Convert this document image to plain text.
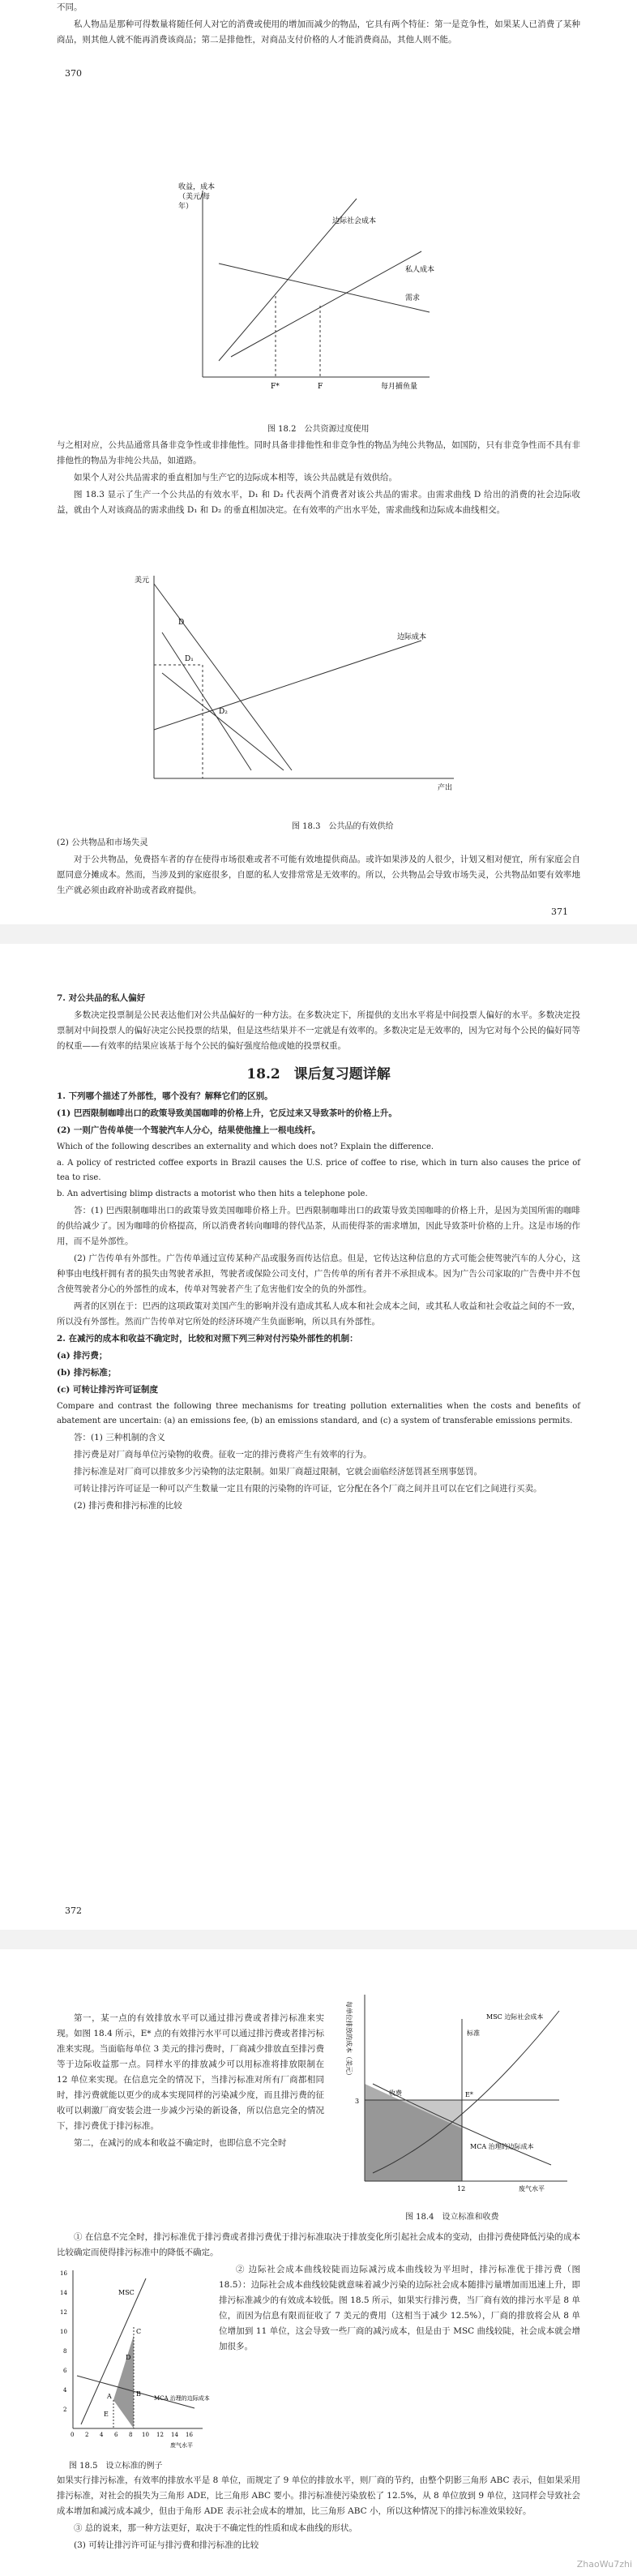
不同。

私人物品是那种可得数量将随任何人对它的消费或使用的增加而减少的物品，它具有两个特征：第一是竞争性，如果某人已消费了某种商品，则其他人就不能再消费该商品；第二是排他性，对商品支付价格的人才能消费商品，其他人则不能。

370
收益，成本
（美元/每
年）
边际社会成本
私人成本
需求
F*	F	每月捕鱼量
图 18.2　公共资源过度使用

与之相对应，公共品通常具备非竞争性或非排他性。同时具备非排他性和非竞争性的物品为纯公共物品，如国防，只有非竞争性而不具有非排他性的物品为非纯公共品，如道路。

如果个人对公共品需求的垂直相加与生产它的边际成本相等，该公共品就是有效供给。

图 18.3 显示了生产一个公共品的有效水平，D₁ 和 D₂ 代表两个消费者对该公共品的需求。由需求曲线 D 给出的消费的社会边际收益，就由个人对该商品的需求曲线 D₁ 和 D₂ 的垂直相加决定。在有效率的产出水平处，需求曲线和边际成本曲线相交。

美元
边际成本
D
D₁
D₂
产出
图 18.3　公共品的有效供给

(2) 公共物品和市场失灵

对于公共物品，免费搭车者的存在使得市场很难或者不可能有效地提供商品。或许如果涉及的人很少，计划又相对便宜，所有家庭会自愿同意分摊成本。然而，当涉及到的家庭很多，自愿的私人安排常常是无效率的。所以，公共物品会导致市场失灵，公共物品如要有效率地生产就必须由政府补助或者政府提供。

371

7. 对公共品的私人偏好

多数决定投票制是公民表达他们对公共品偏好的一种方法。在多数决定下，所提供的支出水平将是中间投票人偏好的水平。多数决定投票制对中间投票人的偏好决定公民投票的结果，但是这些结果并不一定就是有效率的。多数决定是无效率的，因为它对每个公民的偏好同等的权重——有效率的结果应该基于每个公民的偏好强度给他或她的投票权重。

18.2　课后复习题详解

1. 下列哪个描述了外部性，哪个没有？解释它们的区别。

(1) 巴西限制咖啡出口的政策导致美国咖啡的价格上升，它反过来又导致茶叶的价格上升。

(2) 一则广告传单使一个驾驶汽车人分心，结果使他撞上一根电线杆。

Which of the following describes an externality and which does not? Explain the difference.

a. A policy of restricted coffee exports in Brazil causes the U.S. price of coffee to rise, which in turn also causes the price of tea to rise.

b. An advertising blimp distracts a motorist who then hits a telephone pole.

答：(1) 巴西限制咖啡出口的政策导致美国咖啡价格上升。巴西限制咖啡出口的政策导致美国咖啡的价格上升，是因为美国所需的咖啡的供给减少了。因为咖啡的价格提高，所以消费者转向咖啡的替代品茶，从而使得茶的需求增加，因此导致茶叶价格的上升。这是市场的作用，而不是外部性。

(2) 广告传单有外部性。广告传单通过宣传某种产品或服务而传达信息。但是，它传达这种信息的方式可能会使驾驶汽车的人分心，这种事由电线杆拥有者的损失由驾驶者承担，驾驶者或保险公司支付，广告传单的所有者并不承担成本。因为广告公司家取的广告费中并不包含使驾驶者分心的外部性的成本，传单对驾驶者产生了危害他们安全的负的外部性。

两者的区别在于：巴西的这项政策对美国产生的影响并没有造成其私人成本和社会成本之间，或其私人收益和社会收益之间的不一致，所以没有外部性。然而广告传单对它所处的经济环境产生负面影响，所以具有外部性。

2. 在减污的成本和收益不确定时，比较和对照下列三种对付污染外部性的机制：

(a) 排污费；

(b) 排污标准；

(c) 可转让排污许可证制度

Compare and contrast the following three mechanisms for treating pollution externalities when the costs and benefits of abatement are uncertain: (a) an emissions fee, (b) an emissions standard, and (c) a system of transferable emissions permits.

答：(1) 三种机制的含义

排污费是对厂商每单位污染物的收费。征收一定的排污费将产生有效率的行为。

排污标准是对厂商可以排放多少污染物的法定限制。如果厂商超过限制，它就会面临经济惩罚甚至刑事惩罚。

可转让排污许可证是一种可以产生数量一定且有限的污染物的许可证，它分配在各个厂商之间并且可以在它们之间进行买卖。

(2) 排污费和排污标准的比较

372

第一，某一点的有效排放水平可以通过排污费或者排污标准来实现。如图 18.4 所示，E* 点的有效排污水平可以通过排污费或者排污标准来实现。当面临每单位 3 美元的排污费时，厂商减少排放直至排污费等于边际收益那一点。同样水平的排放减少可以用标准将排放限制在 12 单位来实现。在信息完全的情况下，当排污标准对所有厂商都相同时，排污费就能以更少的成本实现同样的污染减少度，而且排污费的征收可以刺激厂商安装会进一步减少污染的新设备，所以信息完全的情况下，排污费优于排污标准。

第二，在减污的成本和收益不确定时，也即信息不完全时

每单位排放的成本（美元）	MSC 边际社会成本
标准
收费
MCA 治理的边际成本
3
12
E*
废气水平
图 18.4　设立标准和收费

① 在信息不完全时，排污标准优于排污费或者排污费优于排污标准取决于排放变化所引起社会成本的变动，由排污费使降低污染的成本比较确定而使得排污标准中的降低不确定。

MSC
MCA 治理的边际成本
A	B
C
D
E
0 2 4 6 8 10 12 14 16
2
4
6
8
10
12
14
16
废气水平
图 18.5　设立标准的例子

② 边际社会成本曲线较陡而边际减污成本曲线较为平坦时，排污标准优于排污费（图 18.5）：边际社会成本曲线较陡就意味着减少污染的边际社会成本随排污量增加而迅速上升，即排污标准减少的有效成本较低。图 18.5 所示，如果实行排污费，当厂商有效的排污水平是 8 单位，而因为信息有限而征收了 7 美元的费用（这相当于减少 12.5%），厂商的排放将会从 8 单位增加到 11 单位，这会导致一些厂商的减污成本，但是由于 MSC 曲线较陡，社会成本就会增加很多。

如果实行排污标准，有效率的排放水平是 8 单位，而规定了 9 单位的排放水平，则厂商的节约，由整个阴影三角形 ABC 表示，但如果采用排污标准，对社会的损失为三角形 ADE，比三角形 ABC 要小。排污标准使污染放松了 12.5%，从 8 单位放到 9 单位，这同样会导致社会成本增加和减污成本减少，但由于角形 ADE 表示社会成本的增加，比三角形 ABC 小，所以这种情况下的排污标准效果较好。

③ 总的说来，那一种方法更好，取决于不确定性的性质和成本曲线的形状。

(3) 可转让排污许可证与排污费和排污标准的比较

ZhaoWu7zhi
